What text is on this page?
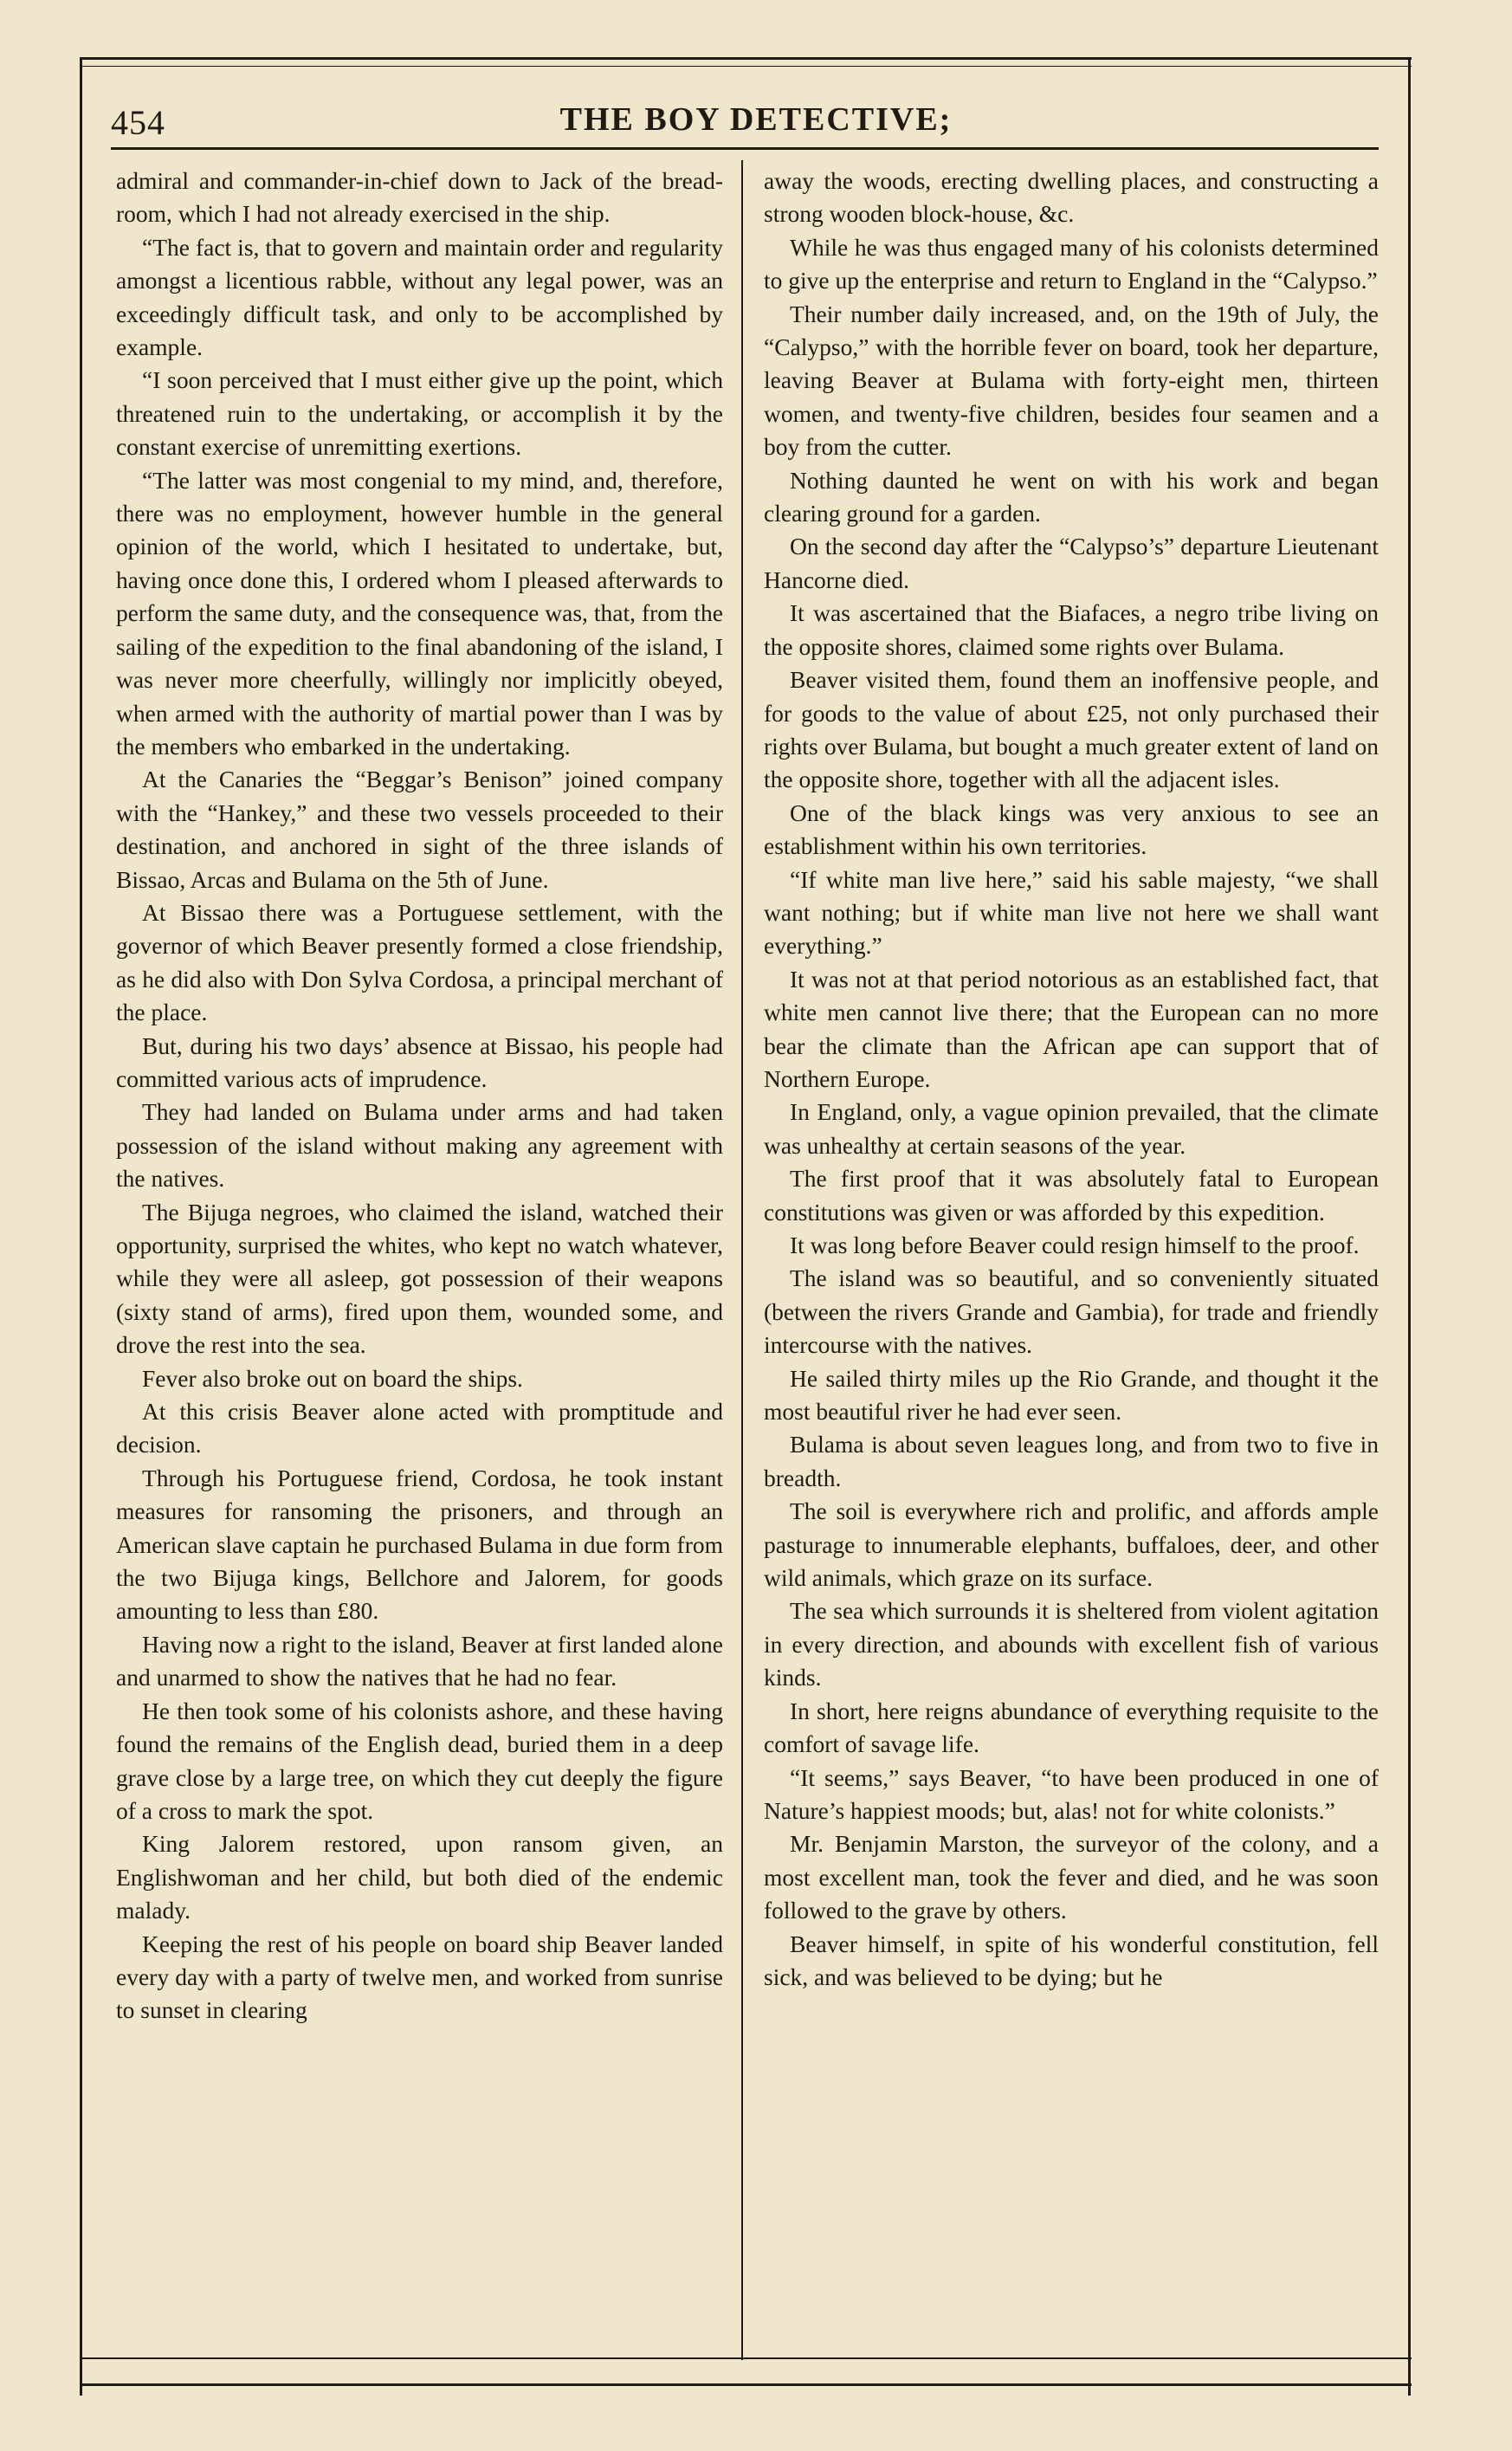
454	THE BOY DETECTIVE;

admiral and commander-in-chief down to Jack of the bread-room, which I had not already exercised in the ship.

“The fact is, that to govern and maintain order and regularity amongst a licentious rabble, without any legal power, was an exceedingly difficult task, and only to be accomplished by example.

“I soon perceived that I must either give up the point, which threatened ruin to the undertaking, or accomplish it by the constant exercise of unremitting exertions.

“The latter was most congenial to my mind, and, therefore, there was no employment, however humble in the general opinion of the world, which I hesitated to undertake, but, having once done this, I ordered whom I pleased afterwards to perform the same duty, and the consequence was, that, from the sailing of the expedition to the final abandoning of the island, I was never more cheerfully, willingly nor implicitly obeyed, when armed with the authority of martial power than I was by the members who embarked in the undertaking.

At the Canaries the “Beggar’s Benison” joined company with the “Hankey,” and these two vessels proceeded to their destination, and anchored in sight of the three islands of Bissao, Arcas and Bulama on the 5th of June.

At Bissao there was a Portuguese settlement, with the governor of which Beaver presently formed a close friendship, as he did also with Don Sylva Cordosa, a principal merchant of the place.

But, during his two days’ absence at Bissao, his people had committed various acts of imprudence.

They had landed on Bulama under arms and had taken possession of the island without making any agreement with the natives.

The Bijuga negroes, who claimed the island, watched their opportunity, surprised the whites, who kept no watch whatever, while they were all asleep, got possession of their weapons (sixty stand of arms), fired upon them, wounded some, and drove the rest into the sea.

Fever also broke out on board the ships.

At this crisis Beaver alone acted with promptitude and decision.

Through his Portuguese friend, Cordosa, he took instant measures for ransoming the prisoners, and through an American slave captain he purchased Bulama in due form from the two Bijuga kings, Bellchore and Jalorem, for goods amounting to less than £80.

Having now a right to the island, Beaver at first landed alone and unarmed to show the natives that he had no fear.

He then took some of his colonists ashore, and these having found the remains of the English dead, buried them in a deep grave close by a large tree, on which they cut deeply the figure of a cross to mark the spot.

King Jalorem restored, upon ransom given, an Englishwoman and her child, but both died of the endemic malady.

Keeping the rest of his people on board ship Beaver landed every day with a party of twelve men, and worked from sunrise to sunset in clearing

away the woods, erecting dwelling places, and constructing a strong wooden block-house, &c.

While he was thus engaged many of his colonists determined to give up the enterprise and return to England in the “Calypso.”

Their number daily increased, and, on the 19th of July, the “Calypso,” with the horrible fever on board, took her departure, leaving Beaver at Bulama with forty-eight men, thirteen women, and twenty-five children, besides four seamen and a boy from the cutter.

Nothing daunted he went on with his work and began clearing ground for a garden.

On the second day after the “Calypso’s” departure Lieutenant Hancorne died.

It was ascertained that the Biafaces, a negro tribe living on the opposite shores, claimed some rights over Bulama.

Beaver visited them, found them an inoffensive people, and for goods to the value of about £25, not only purchased their rights over Bulama, but bought a much greater extent of land on the opposite shore, together with all the adjacent isles.

One of the black kings was very anxious to see an establishment within his own territories.

“If white man live here,” said his sable majesty, “we shall want nothing; but if white man live not here we shall want everything.”

It was not at that period notorious as an established fact, that white men cannot live there; that the European can no more bear the climate than the African ape can support that of Northern Europe.

In England, only, a vague opinion prevailed, that the climate was unhealthy at certain seasons of the year.

The first proof that it was absolutely fatal to European constitutions was given or was afforded by this expedition.

It was long before Beaver could resign himself to the proof.

The island was so beautiful, and so conveniently situated (between the rivers Grande and Gambia), for trade and friendly intercourse with the natives.

He sailed thirty miles up the Rio Grande, and thought it the most beautiful river he had ever seen.

Bulama is about seven leagues long, and from two to five in breadth.

The soil is everywhere rich and prolific, and affords ample pasturage to innumerable elephants, buffaloes, deer, and other wild animals, which graze on its surface.

The sea which surrounds it is sheltered from violent agitation in every direction, and abounds with excellent fish of various kinds.

In short, here reigns abundance of everything requisite to the comfort of savage life.

“It seems,” says Beaver, “to have been produced in one of Nature’s happiest moods; but, alas! not for white colonists.”

Mr. Benjamin Marston, the surveyor of the colony, and a most excellent man, took the fever and died, and he was soon followed to the grave by others.

Beaver himself, in spite of his wonderful constitution, fell sick, and was believed to be dying; but he
